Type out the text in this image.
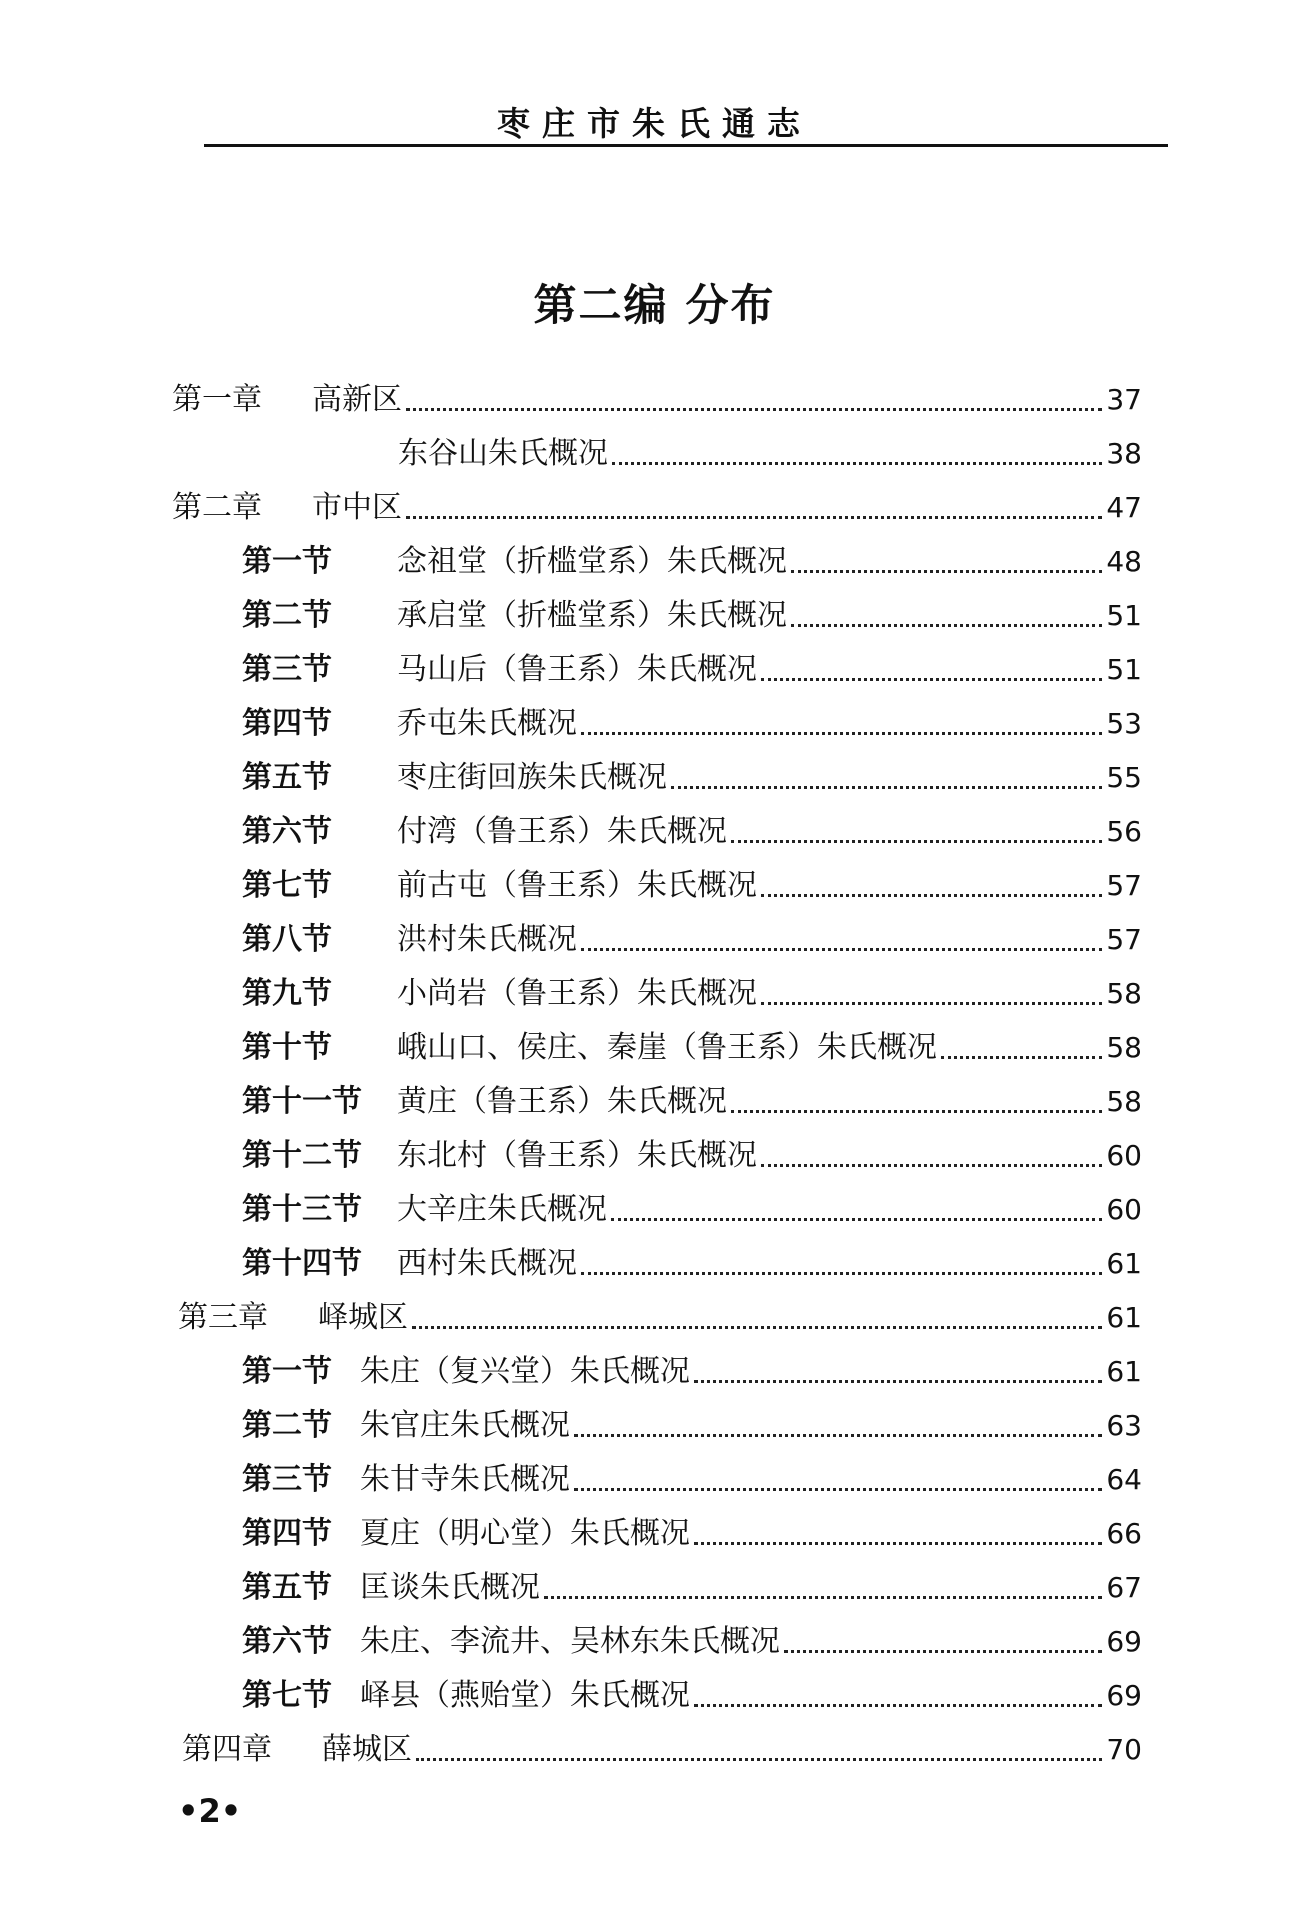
枣庄市朱氏通志
第二编 分布
第一章	高新区	37
东谷山朱氏概况	38
第二章	市中区	47
第一节	念祖堂（折槛堂系）朱氏概况	48
第二节	承启堂（折槛堂系）朱氏概况	51
第三节	马山后（鲁王系）朱氏概况	51
第四节	乔屯朱氏概况	53
第五节	枣庄街回族朱氏概况	55
第六节	付湾（鲁王系）朱氏概况	56
第七节	前古屯（鲁王系）朱氏概况	57
第八节	洪村朱氏概况	57
第九节	小尚岩（鲁王系）朱氏概况	58
第十节	峨山口、侯庄、秦崖（鲁王系）朱氏概况	58
第十一节	黄庄（鲁王系）朱氏概况	58
第十二节	东北村（鲁王系）朱氏概况	60
第十三节	大辛庄朱氏概况	60
第十四节	西村朱氏概况	61
第三章	峄城区	61
第一节 朱庄（复兴堂）朱氏概况	61
第二节 朱官庄朱氏概况	63
第三节 朱甘寺朱氏概况	64
第四节 夏庄（明心堂）朱氏概况	66
第五节 匡谈朱氏概况	67
第六节 朱庄、李流井、吴林东朱氏概况	69
第七节 峄县（燕贻堂）朱氏概况	69
第四章	薛城区	70
•2•
